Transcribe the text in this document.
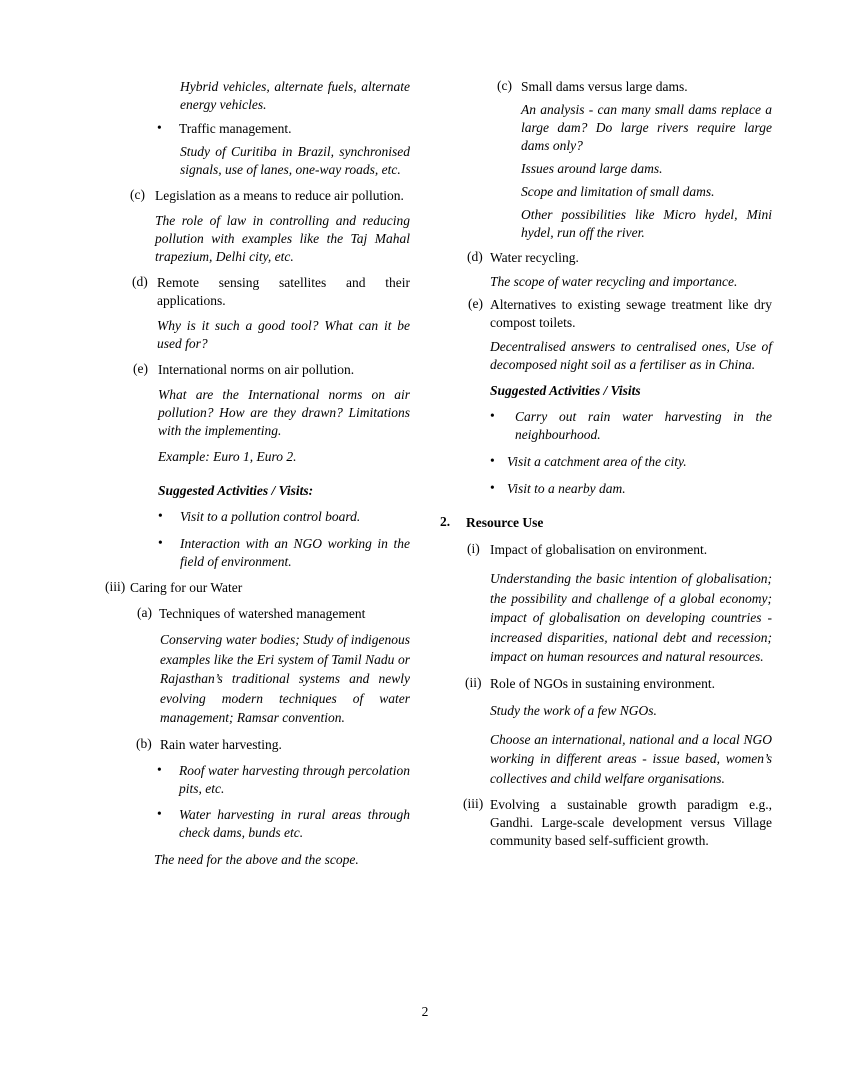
Hybrid vehicles, alternate fuels, alternate energy vehicles.

•	Traffic management.

Study of Curitiba in Brazil, synchronised signals, use of lanes, one-way roads, etc.

(c) Legislation as a means to reduce air pollution.

The role of law in controlling and reducing pollution with examples like the Taj Mahal trapezium, Delhi city, etc.

(d) Remote sensing satellites and their applications.

Why is it such a good tool? What can it be used for?

(e) International norms on air pollution.

What are the International norms on air pollution? How are they drawn? Limitations with the implementing.

Example: Euro 1, Euro 2.

Suggested Activities / Visits:

•	Visit to a pollution control board.
•	Interaction with an NGO working in the field of environment.
(iii) Caring for our Water
(a) Techniques of watershed management

Conserving water bodies; Study of indigenous examples like the Eri system of Tamil Nadu or Rajasthan’s traditional systems and newly evolving modern techniques of water management; Ramsar convention.

(b) Rain water harvesting.
•	Roof water harvesting through percolation pits, etc.
•	Water harvesting in rural areas through check dams, bunds etc.

The need for the above and the scope.

(c) Small dams versus large dams.

An analysis - can many small dams replace a large dam? Do large rivers require large dams only?

Issues around large dams.

Scope and limitation of small dams.

Other possibilities like Micro hydel, Mini hydel, run off the river.

(d) Water recycling.

The scope of water recycling and importance.

(e) Alternatives to existing sewage treatment like dry compost toilets.

Decentralised answers to centralised ones, Use of decomposed night soil as a fertiliser as in China.

Suggested Activities / Visits

•	Carry out rain water harvesting in the neighbourhood.
• Visit a catchment area of the city.
• Visit to a nearby dam.
2.	Resource Use
(i) Impact of globalisation on environment.

Understanding the basic intention of globalisation; the possibility and challenge of a global economy; impact of globalisation on developing countries - increased disparities, national debt and recession; impact on human resources and natural resources.

(ii) Role of NGOs in sustaining environment.

Study the work of a few NGOs.

Choose an international, national and a local NGO working in different areas - issue based, women’s collectives and child welfare organisations.

(iii) Evolving a sustainable growth paradigm e.g., Gandhi. Large-scale development versus Village community based self-sufficient growth.
2
